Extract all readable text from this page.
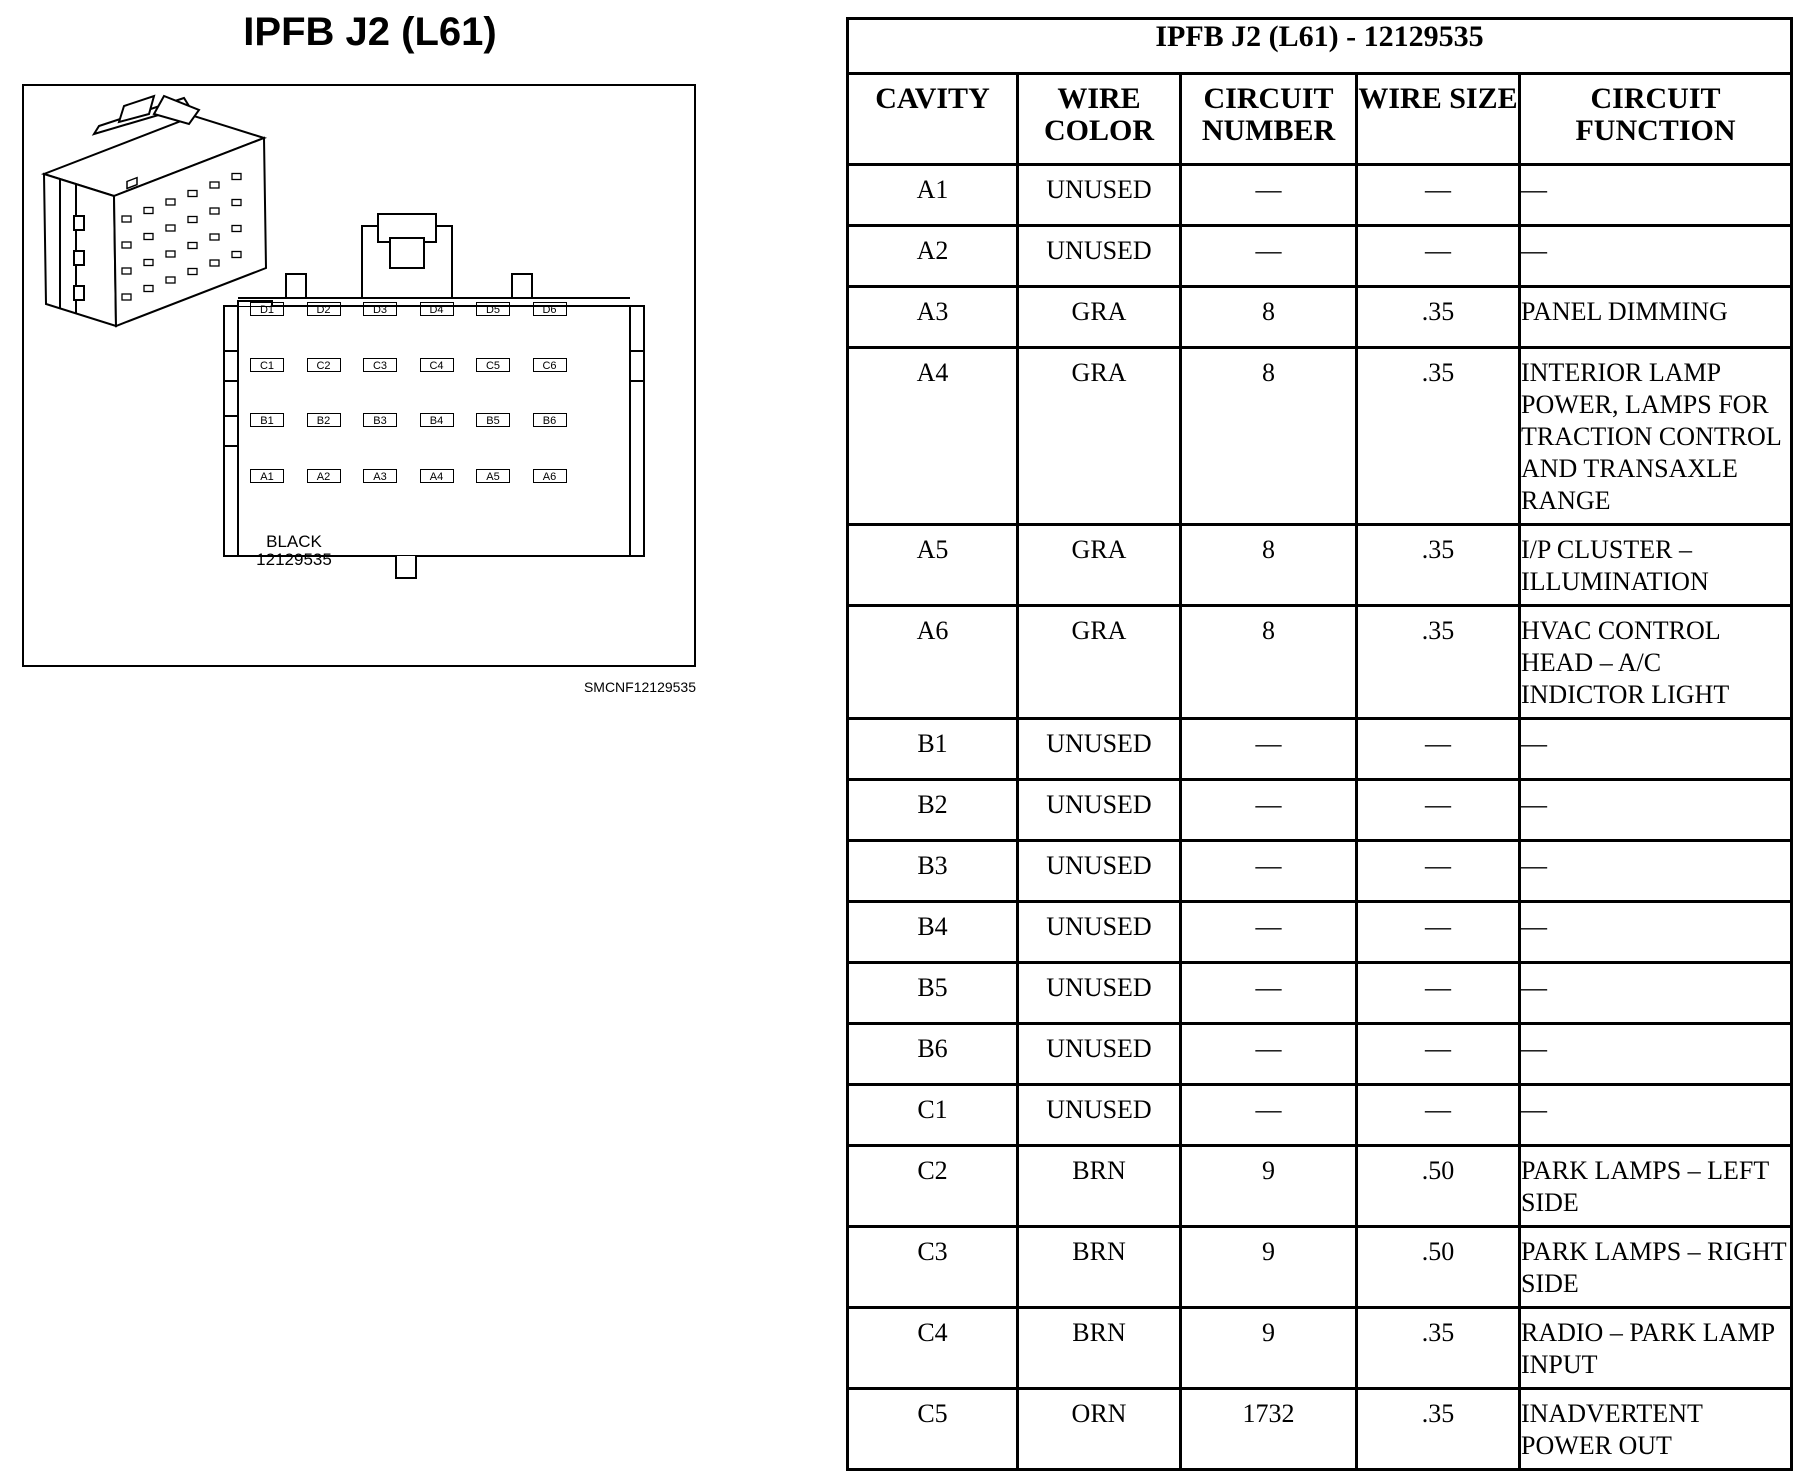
IPFB J2 (L61)
D1	D2	D3	D4	D5	D6
C1	C2	C3	C4	C5	C6
B1	B2	B3	B4	B5	B6
A1	A2	A3	A4	A5	A6
BLACK
12129535
SMCNF12129535
IPFB J2 (L61) - 12129535				
CAVITY	WIRE COLOR	CIRCUIT NUMBER	WIRE SIZE	CIRCUIT FUNCTION
A1	UNUSED	—	—	—
A2	UNUSED	—	—	—
A3	GRA	8	.35	PANEL DIMMING
A4	GRA	8	.35	INTERIOR LAMP POWER, LAMPS FOR TRACTION CONTROL AND TRANSAXLE RANGE
A5	GRA	8	.35	I/P CLUSTER – ILLUMINATION
A6	GRA	8	.35	HVAC CONTROL HEAD – A/C INDICTOR LIGHT
B1	UNUSED	—	—	—
B2	UNUSED	—	—	—
B3	UNUSED	—	—	—
B4	UNUSED	—	—	—
B5	UNUSED	—	—	—
B6	UNUSED	—	—	—
C1	UNUSED	—	—	—
C2	BRN	9	.50	PARK LAMPS – LEFT SIDE
C3	BRN	9	.50	PARK LAMPS – RIGHT SIDE
C4	BRN	9	.35	RADIO – PARK LAMP INPUT
C5	ORN	1732	.35	INADVERTENT POWER OUT
